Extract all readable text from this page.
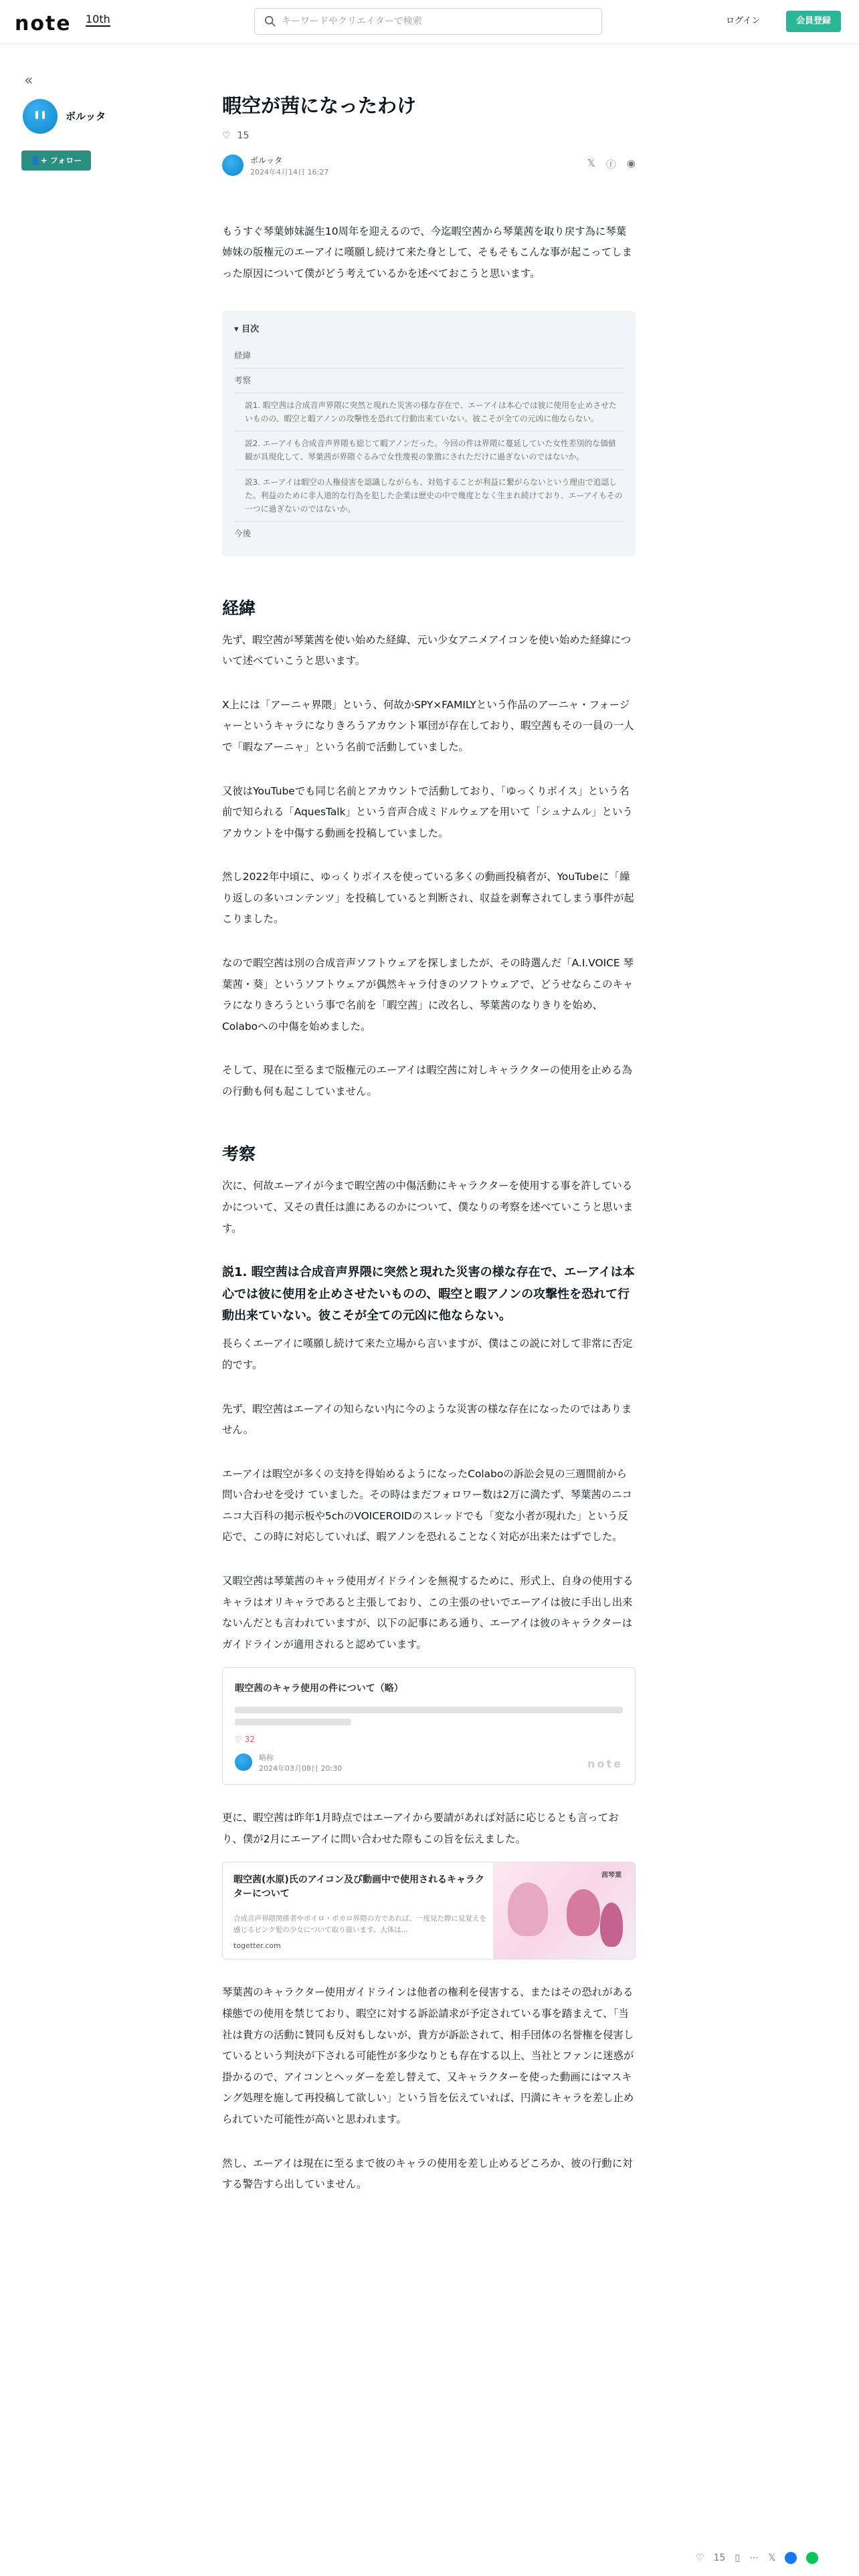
note 10th
キーワードやクリエイターで検索	ログイン	会員登録
«
ボルッタ
👤+ フォロー
暇空が茜になったわけ
♡ 15
ボルッタ
2024年4月14日 16:27
𝕏 ⓕ ◉

もうすぐ琴葉姉妹誕生10周年を迎えるので、今迄暇空茜から琴葉茜を取り戻す為に琴葉姉妹の版権元のエーアイに嘆願し続けて来た身として、そもそもこんな事が起こってしまった原因について僕がどう考えているかを述べておこうと思います。

▾ 目次
経緯
考察
説1. 暇空茜は合成音声界隈に突然と現れた災害の様な存在で、エーアイは本心では彼に使用を止めさせたいものの、暇空と暇アノンの攻撃性を恐れて行動出来ていない。彼こそが全ての元凶に他ならない。
説2. エーアイも合成音声界隈も総じて暇アノンだった。今回の件は界隈に蔓延していた女性差別的な価値観が具現化して、琴葉茜が界隈ぐるみで女性蔑視の象徴にされただけに過ぎないのではないか。
説3. エーアイは暇空の人権侵害を認識しながらも、対処することが利益に繋がらないという理由で追認した。利益のために非人道的な行為を犯した企業は歴史の中で幾度となく生まれ続けており、エーアイもその一つに過ぎないのではないか。
今後
経緯

先ず、暇空茜が琴葉茜を使い始めた経緯、元い少女アニメアイコンを使い始めた経緯について述べていこうと思います。

X上には「アーニャ界隈」という、何故かSPY×FAMILYという作品のアーニャ・フォージャーというキャラになりきろうアカウント軍団が存在しており、暇空茜もその一員の一人で「暇なアーニャ」という名前で活動していました。

又彼はYouTubeでも同じ名前とアカウントで活動しており、「ゆっくりボイス」という名前で知られる「AquesTalk」という音声合成ミドルウェアを用いて「シュナムル」というアカウントを中傷する動画を投稿していました。

然し2022年中頃に、ゆっくりボイスを使っている多くの動画投稿者が、YouTubeに「繰り返しの多いコンテンツ」を投稿していると判断され、収益を剥奪されてしまう事件が起こりました。

なので暇空茜は別の合成音声ソフトウェアを探しましたが、その時選んだ「A.I.VOICE 琴葉茜・葵」というソフトウェアが偶然キャラ付きのソフトウェアで、どうせならこのキャラになりきろうという事で名前を「暇空茜」に改名し、琴葉茜のなりきりを始め、Colaboへの中傷を始めました。

そして、現在に至るまで版権元のエーアイは暇空茜に対しキャラクターの使用を止める為の行動も何も起こしていません。

考察

次に、何故エーアイが今まで暇空茜の中傷活動にキャラクターを使用する事を許しているかについて、又その責任は誰にあるのかについて、僕なりの考察を述べていこうと思います。

説1. 暇空茜は合成音声界隈に突然と現れた災害の様な存在で、エーアイは本心では彼に使用を止めさせたいものの、暇空と暇アノンの攻撃性を恐れて行動出来ていない。彼こそが全ての元凶に他ならない。

長らくエーアイに嘆願し続けて来た立場から言いますが、僕はこの説に対して非常に否定的です。

先ず、暇空茜はエーアイの知らない内に今のような災害の様な存在になったのではありません。

エーアイは暇空が多くの支持を得始めるようになったColaboの訴訟会見の三週間前から問い合わせを受け ていました。その時はまだフォロワー数は2万に満たず、琴葉茜のニコニコ大百科の掲示板や5chのVOICEROIDのスレッドでも「変な小者が現れた」という反応で、この時に対応していれば、暇アノンを恐れることなく対応が出来たはずでした。

又暇空茜は琴葉茜のキャラ使用ガイドラインを無視するために、形式上、自身の使用するキャラはオリキャラであると主張しており、この主張のせいでエーアイは彼に手出し出来ないんだとも言われていますが、以下の記事にある通り、エーアイは彼のキャラクターはガイドラインが適用されると認めています。

暇空茜のキャラ使用の件について（略）
♡ 32
略称
2024年03月08日 20:30	note

更に、暇空茜は昨年1月時点ではエーアイから要請があれば対話に応じるとも言っており、僕が2月にエーアイに問い合わせた際もこの旨を伝えました。

暇空茜(水原)氏のアイコン及び動画中で使用されるキャラクターについて
合成音声界隈関係者やボイロ・ボカロ界隈の方であれば、一度見た際に見覚えを感じるピンク髪の少女について取り扱います。大体は...
togetter.com
茜琴葉

琴葉茜のキャラクター使用ガイドラインは他者の権利を侵害する、またはその恐れがある様態での使用を禁じており、暇空に対する訴訟請求が予定されている事を踏まえて、「当社は貴方の活動に賛同も反対もしないが、貴方が訴訟されて、相手団体の名誉権を侵害しているという判決が下される可能性が多少なりとも存在する以上、当社とファンに迷惑が掛かるので、アイコンとヘッダーを差し替えて、又キャラクターを使った動画にはマスキング処理を施して再投稿して欲しい」という旨を伝えていれば、円満にキャラを差し止められていた可能性が高いと思われます。

然し、エーアイは現在に至るまで彼のキャラの使用を差し止めるどころか、彼の行動に対する警告すら出していません。

♡ 15 ▯ ⋯ 𝕏
